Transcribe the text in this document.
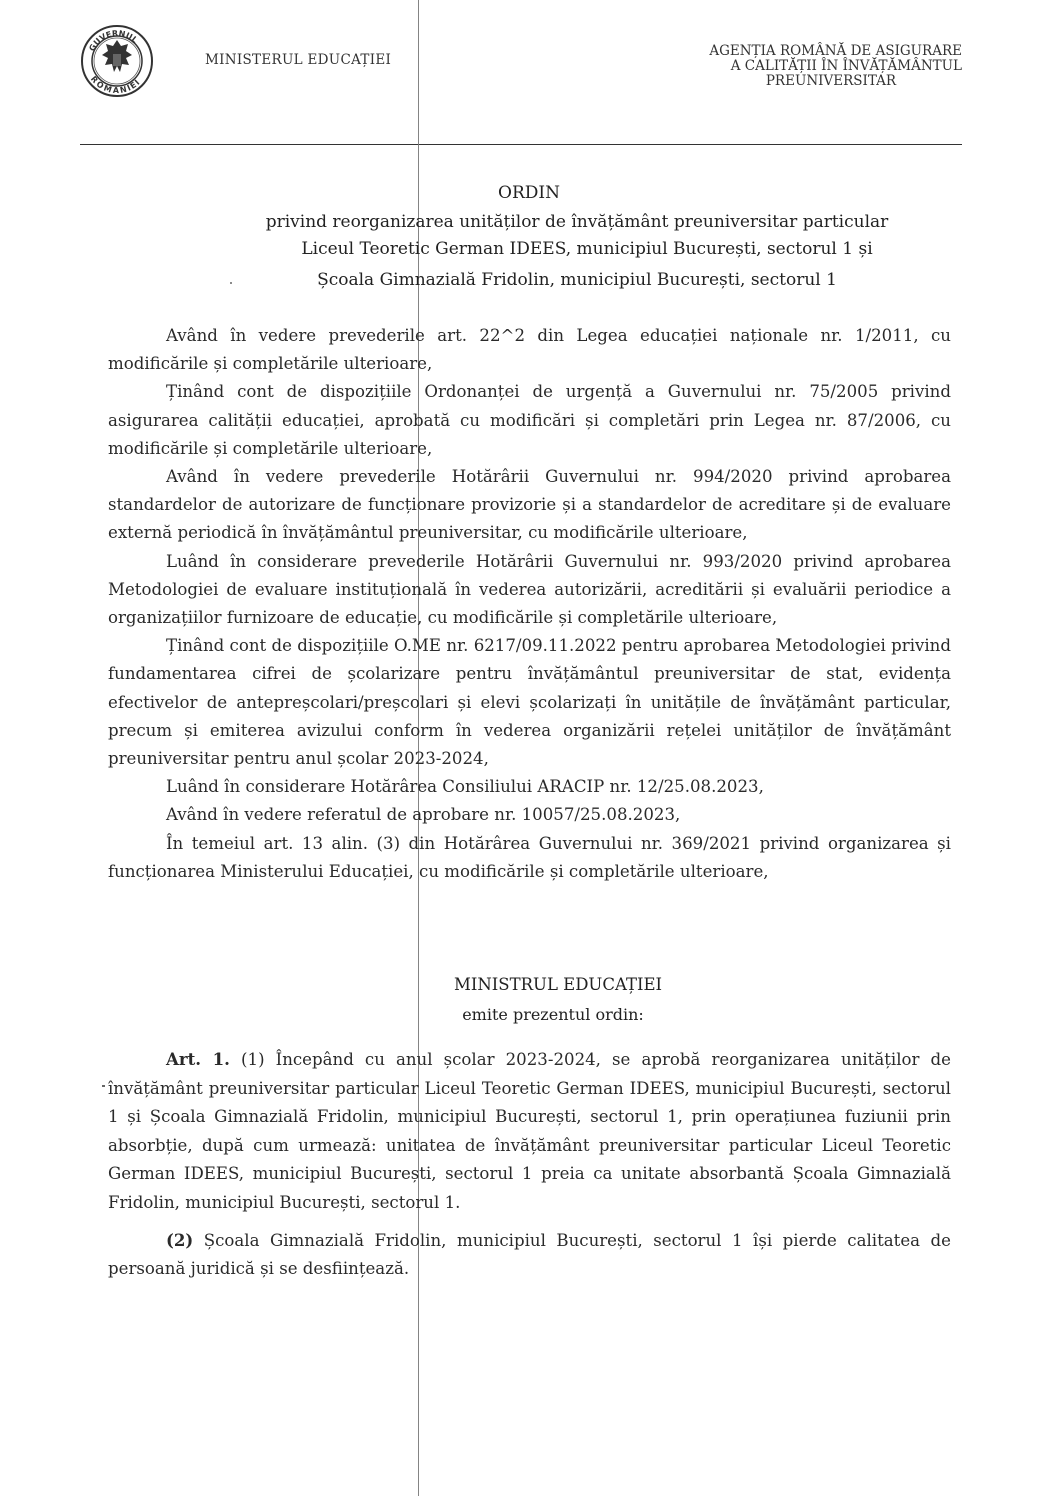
GUVERNUL
ROMÂNIEI
MINISTERUL EDUCAȚIEI
AGENȚIA ROMÂNĂ DE ASIGURARE
A CALITĂȚII ÎN ÎNVĂȚĂMÂNTUL
PREUNIVERSITAR
ORDIN
privind reorganizarea unităților de învățământ preuniversitar particular
Liceul Teoretic German IDEES, municipiul București, sectorul 1 și
Școala Gimnazială Fridolin, municipiul București, sectorul 1

Având în vedere prevederile art. 22^2 din Legea educației naționale nr. 1/2011, cu modificările și completările ulterioare,

Ținând cont de dispozițiile Ordonanței de urgență a Guvernului nr. 75/2005 privind asigurarea calității educației, aprobată cu modificări și completări prin Legea nr. 87/2006, cu modificările și completările ulterioare,

Având în vedere prevederile Hotărârii Guvernului nr. 994/2020 privind aprobarea standardelor de autorizare de funcționare provizorie și a standardelor de acreditare și de evaluare externă periodică în învățământul preuniversitar, cu modificările ulterioare,

Luând în considerare prevederile Hotărârii Guvernului nr. 993/2020 privind aprobarea Metodologiei de evaluare instituțională în vederea autorizării, acreditării și evaluării periodice a organizațiilor furnizoare de educație, cu modificările și completările ulterioare,

Ținând cont de dispozițiile O.ME nr. 6217/09.11.2022 pentru aprobarea Metodologiei privind fundamentarea cifrei de școlarizare pentru învățământul preuniversitar de stat, evidența efectivelor de antepreșcolari/preșcolari și elevi școlarizați în unitățile de învățământ particular, precum și emiterea avizului conform în vederea organizării rețelei unităților de învățământ preuniversitar pentru anul școlar 2023-2024,

Luând în considerare Hotărârea Consiliului ARACIP nr. 12/25.08.2023,

Având în vedere referatul de aprobare nr. 10057/25.08.2023,

În temeiul art. 13 alin. (3) din Hotărârea Guvernului nr. 369/2021 privind organizarea și funcționarea Ministerului Educației, cu modificările și completările ulterioare,

MINISTRUL EDUCAȚIEI
emite prezentul ordin:

Art. 1. (1) Începând cu anul școlar 2023-2024, se aprobă reorganizarea unităților de învățământ preuniversitar particular Liceul Teoretic German IDEES, municipiul București, sectorul 1 și Școala Gimnazială Fridolin, municipiul București, sectorul 1, prin operațiunea fuziunii prin absorbție, după cum urmează: unitatea de învățământ preuniversitar particular Liceul Teoretic German IDEES, municipiul București, sectorul 1 preia ca unitate absorbantă Școala Gimnazială Fridolin, municipiul București, sectorul 1.

(2) Școala Gimnazială Fridolin, municipiul București, sectorul 1 își pierde calitatea de persoană juridică și se desființează.
